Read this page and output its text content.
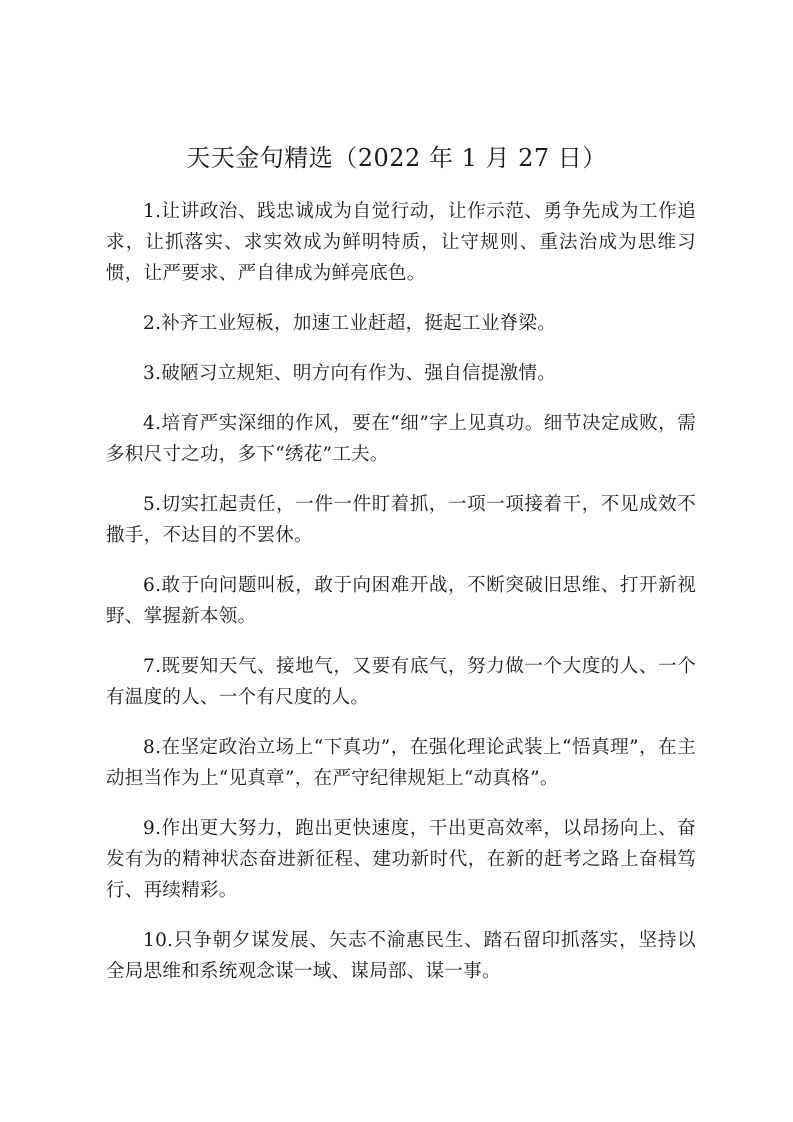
天天金句精选（2022 年 1 月 27 日）

1.让讲政治、践忠诚成为自觉行动，让作示范、勇争先成为工作追求，让抓落实、求实效成为鲜明特质，让守规则、重法治成为思维习惯，让严要求、严自律成为鲜亮底色。

2.补齐工业短板，加速工业赶超，挺起工业脊梁。

3.破陋习立规矩、明方向有作为、强自信提激情。

4.培育严实深细的作风，要在“细”字上见真功。细节决定成败，需多积尺寸之功，多下“绣花”工夫。

5.切实扛起责任，一件一件盯着抓，一项一项接着干，不见成效不撒手，不达目的不罢休。

6.敢于向问题叫板，敢于向困难开战，不断突破旧思维、打开新视野、掌握新本领。

7.既要知天气、接地气，又要有底气，努力做一个大度的人、一个有温度的人、一个有尺度的人。

8.在坚定政治立场上“下真功”，在强化理论武装上“悟真理”，在主动担当作为上“见真章”，在严守纪律规矩上“动真格”。

9.作出更大努力，跑出更快速度，干出更高效率，以昂扬向上、奋发有为的精神状态奋进新征程、建功新时代，在新的赶考之路上奋楫笃行、再续精彩。

10.只争朝夕谋发展、矢志不渝惠民生、踏石留印抓落实，坚持以全局思维和系统观念谋一域、谋局部、谋一事。
